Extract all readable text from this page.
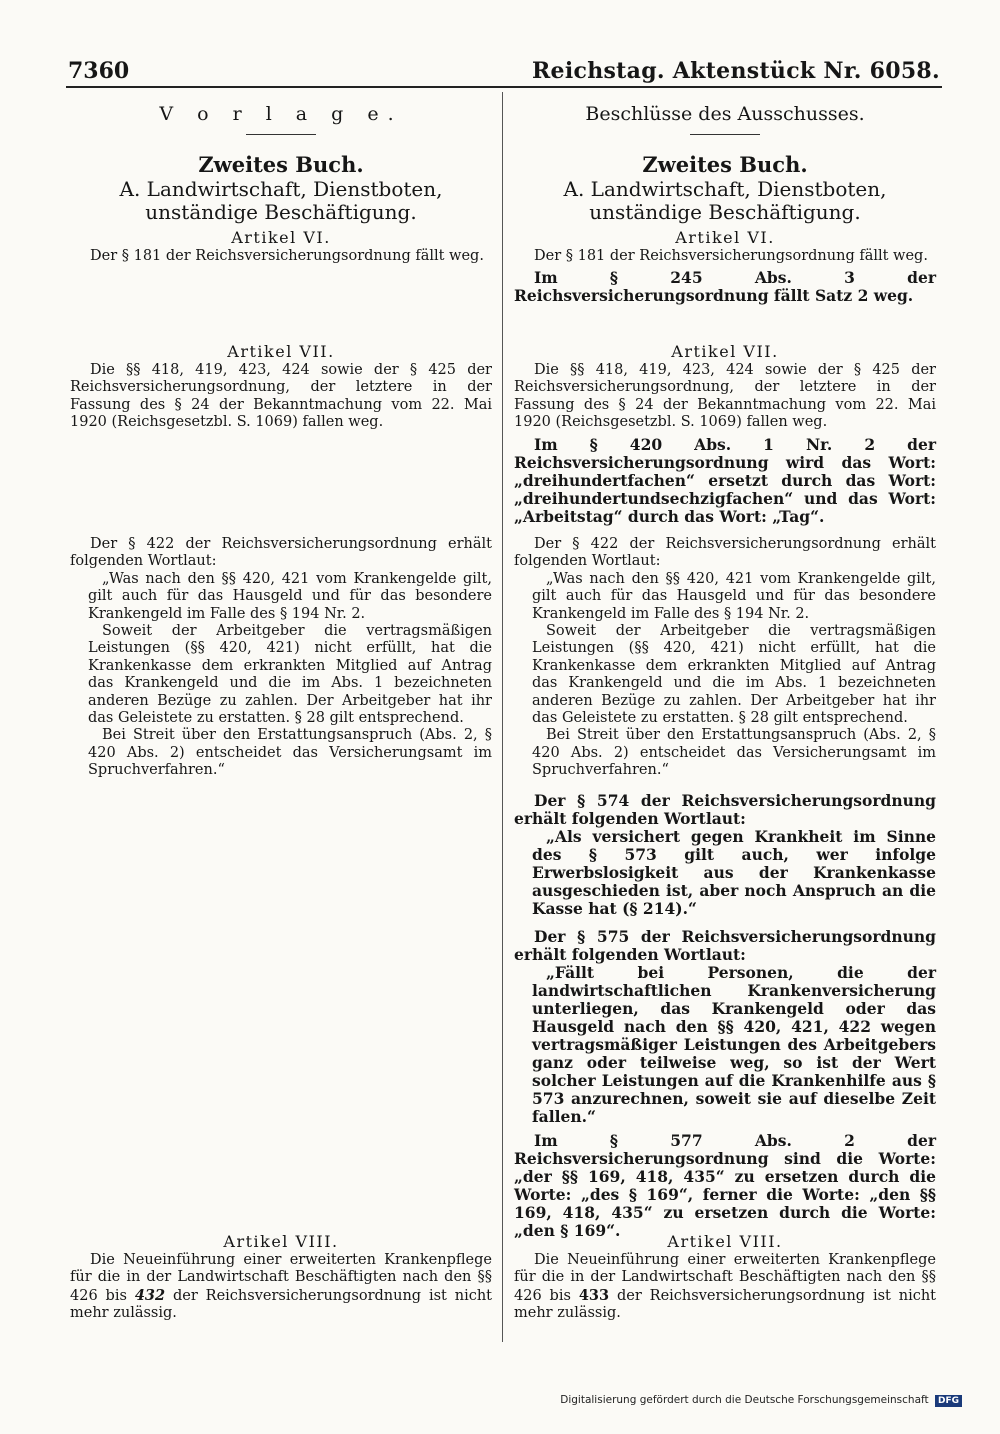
7360	Reichstag. Aktenstück Nr. 6058.
V o r l a g e.
Zweites Buch.
A. Landwirtschaft, Dienstboten, unständige Beschäftigung.
Artikel VI.

Der § 181 der Reichsversicherungsordnung fällt weg.

Artikel VII.

Die §§ 418, 419, 423, 424 sowie der § 425 der Reichsversicherungsordnung, der letztere in der Fassung des § 24 der Bekanntmachung vom 22. Mai 1920 (Reichsgesetzbl. S. 1069) fallen weg.

Der § 422 der Reichsversicherungsordnung erhält folgenden Wortlaut:

„Was nach den §§ 420, 421 vom Krankengelde gilt, gilt auch für das Hausgeld und für das besondere Krankengeld im Falle des § 194 Nr. 2.

Soweit der Arbeitgeber die vertragsmäßigen Leistungen (§§ 420, 421) nicht erfüllt, hat die Krankenkasse dem erkrankten Mitglied auf Antrag das Krankengeld und die im Abs. 1 bezeichneten anderen Bezüge zu zahlen. Der Arbeitgeber hat ihr das Geleistete zu erstatten. § 28 gilt entsprechend.

Bei Streit über den Erstattungsanspruch (Abs. 2, § 420 Abs. 2) entscheidet das Versicherungsamt im Spruchverfahren.“

Artikel VIII.

Die Neueinführung einer erweiterten Krankenpflege für die in der Landwirtschaft Beschäftigten nach den §§ 426 bis 432 der Reichsversicherungsordnung ist nicht mehr zulässig.

Beschlüsse des Ausschusses.
Zweites Buch.
A. Landwirtschaft, Dienstboten, unständige Beschäftigung.
Artikel VI.

Der § 181 der Reichsversicherungsordnung fällt weg.

Im § 245 Abs. 3 der Reichsversicherungsordnung fällt Satz 2 weg.

Artikel VII.

Die §§ 418, 419, 423, 424 sowie der § 425 der Reichsversicherungsordnung, der letztere in der Fassung des § 24 der Bekanntmachung vom 22. Mai 1920 (Reichsgesetzbl. S. 1069) fallen weg.

Im § 420 Abs. 1 Nr. 2 der Reichsversicherungsordnung wird das Wort: „dreihundertfachen“ ersetzt durch das Wort: „dreihundertundsechzigfachen“ und das Wort: „Arbeitstag“ durch das Wort: „Tag“.

Der § 422 der Reichsversicherungsordnung erhält folgenden Wortlaut:

„Was nach den §§ 420, 421 vom Krankengelde gilt, gilt auch für das Hausgeld und für das besondere Krankengeld im Falle des § 194 Nr. 2.

Soweit der Arbeitgeber die vertragsmäßigen Leistungen (§§ 420, 421) nicht erfüllt, hat die Krankenkasse dem erkrankten Mitglied auf Antrag das Krankengeld und die im Abs. 1 bezeichneten anderen Bezüge zu zahlen. Der Arbeitgeber hat ihr das Geleistete zu erstatten. § 28 gilt entsprechend.

Bei Streit über den Erstattungsanspruch (Abs. 2, § 420 Abs. 2) entscheidet das Versicherungsamt im Spruchverfahren.“

Der § 574 der Reichsversicherungsordnung erhält folgenden Wortlaut:

„Als versichert gegen Krankheit im Sinne des § 573 gilt auch, wer infolge Erwerbslosigkeit aus der Krankenkasse ausgeschieden ist, aber noch Anspruch an die Kasse hat (§ 214).“

Der § 575 der Reichsversicherungsordnung erhält folgenden Wortlaut:

„Fällt bei Personen, die der landwirtschaftlichen Krankenversicherung unterliegen, das Krankengeld oder das Hausgeld nach den §§ 420, 421, 422 wegen vertragsmäßiger Leistungen des Arbeitgebers ganz oder teilweise weg, so ist der Wert solcher Leistungen auf die Krankenhilfe aus § 573 anzurechnen, soweit sie auf dieselbe Zeit fallen.“

Im § 577 Abs. 2 der Reichsversicherungsordnung sind die Worte: „der §§ 169, 418, 435“ zu ersetzen durch die Worte: „des § 169“, ferner die Worte: „den §§ 169, 418, 435“ zu ersetzen durch die Worte: „den § 169“.

Artikel VIII.

Die Neueinführung einer erweiterten Krankenpflege für die in der Landwirtschaft Beschäftigten nach den §§ 426 bis 433 der Reichsversicherungsordnung ist nicht mehr zulässig.

Digitalisierung gefördert durch die Deutsche Forschungsgemeinschaft DFG
